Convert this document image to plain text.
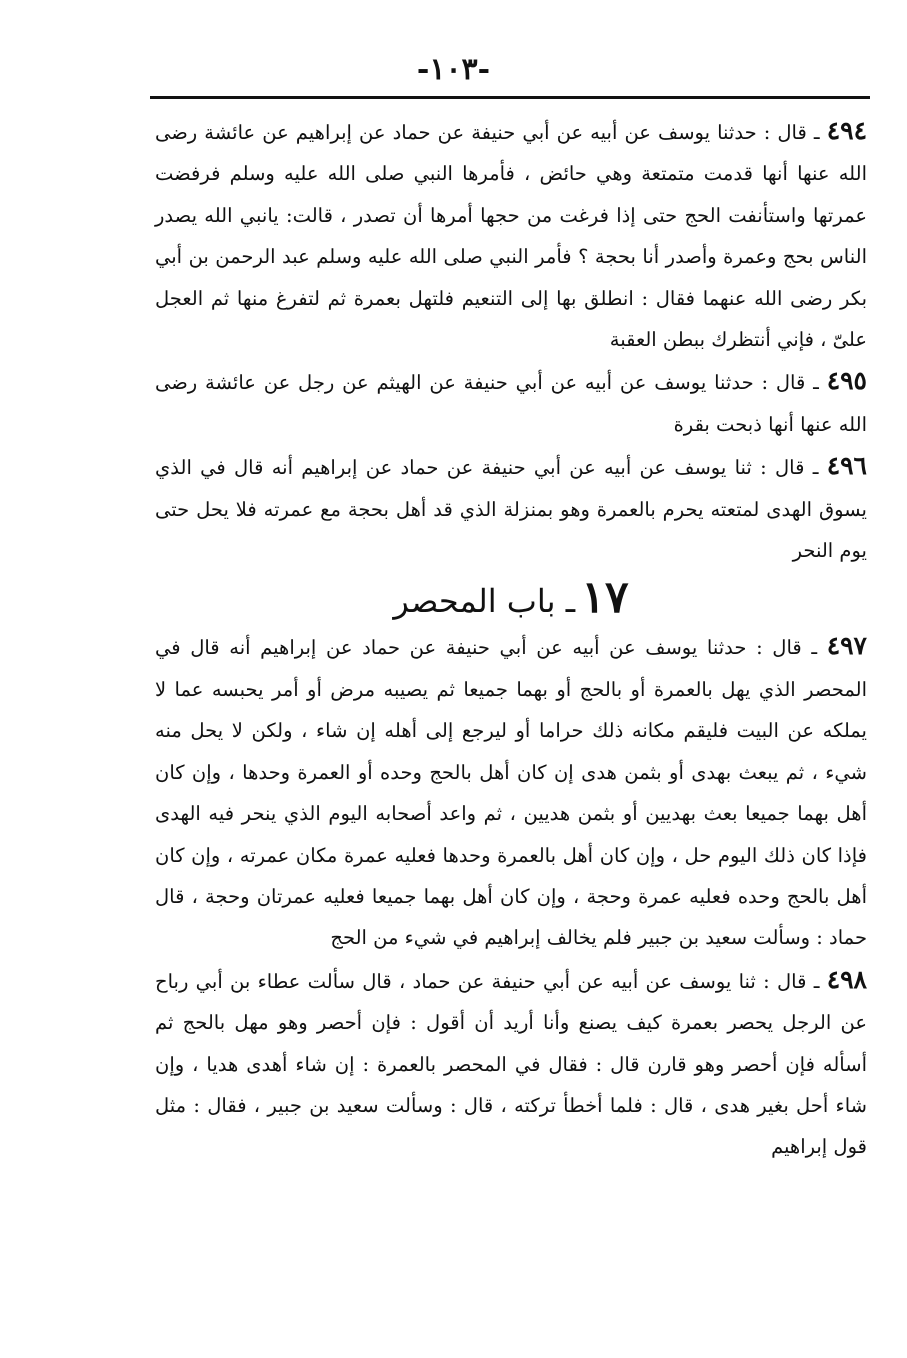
-١٠٣-

٤٩٤ ـ قال : حدثنا يوسف عن أبيه عن أبي حنيفة عن حماد عن إبراهيم عن عائشة رضى الله عنها أنها قدمت متمتعة وهي حائض ، فأمرها النبي صلى الله عليه وسلم فرفضت عمرتها واستأنفت الحج حتى إذا فرغت من حجها أمرها أن تصدر ، قالت: يانبي الله يصدر الناس بحج وعمرة وأصدر أنا بحجة ؟ فأمر النبي صلى الله عليه وسلم عبد الرحمن بن أبي بكر رضى الله عنهما فقال : انطلق بها إلى التنعيم فلتهل بعمرة ثم لتفرغ منها ثم العجل علىّ ، فإني أنتظرك ببطن العقبة

٤٩٥ ـ قال : حدثنا يوسف عن أبيه عن أبي حنيفة عن الهيثم عن رجل عن عائشة رضى الله عنها أنها ذبحت بقرة

٤٩٦ ـ قال : ثنا يوسف عن أبيه عن أبي حنيفة عن حماد عن إبراهيم أنه قال في الذي يسوق الهدى لمتعته يحرم بالعمرة وهو بمنزلة الذي قد أهل بحجة مع عمرته فلا يحل حتى يوم النحر

١٧ ـ باب المحصر

٤٩٧ ـ قال : حدثنا يوسف عن أبيه عن أبي حنيفة عن حماد عن إبراهيم أنه قال في المحصر الذي يهل بالعمرة أو بالحج أو بهما جميعا ثم يصيبه مرض أو أمر يحبسه عما لا يملكه عن البيت فليقم مكانه ذلك حراما أو ليرجع إلى أهله إن شاء ، ولكن لا يحل منه شيء ، ثم يبعث بهدى أو بثمن هدى إن كان أهل بالحج وحده أو العمرة وحدها ، وإن كان أهل بهما جميعا بعث بهديين أو بثمن هديين ، ثم واعد أصحابه اليوم الذي ينحر فيه الهدى فإذا كان ذلك اليوم حل ، وإن كان أهل بالعمرة وحدها فعليه عمرة مكان عمرته ، وإن كان أهل بالحج وحده فعليه عمرة وحجة ، وإن كان أهل بهما جميعا فعليه عمرتان وحجة ، قال حماد : وسألت سعيد بن جبير فلم يخالف إبراهيم في شيء من الحج

٤٩٨ ـ قال : ثنا يوسف عن أبيه عن أبي حنيفة عن حماد ، قال سألت عطاء بن أبي رباح عن الرجل يحصر بعمرة كيف يصنع وأنا أريد أن أقول : فإن أحصر وهو مهل بالحج ثم أسأله فإن أحصر وهو قارن قال : فقال في المحصر بالعمرة : إن شاء أهدى هديا ، وإن شاء أحل بغير هدى ، قال : فلما أخطأ تركته ، قال : وسألت سعيد بن جبير ، فقال : مثل قول إبراهيم
